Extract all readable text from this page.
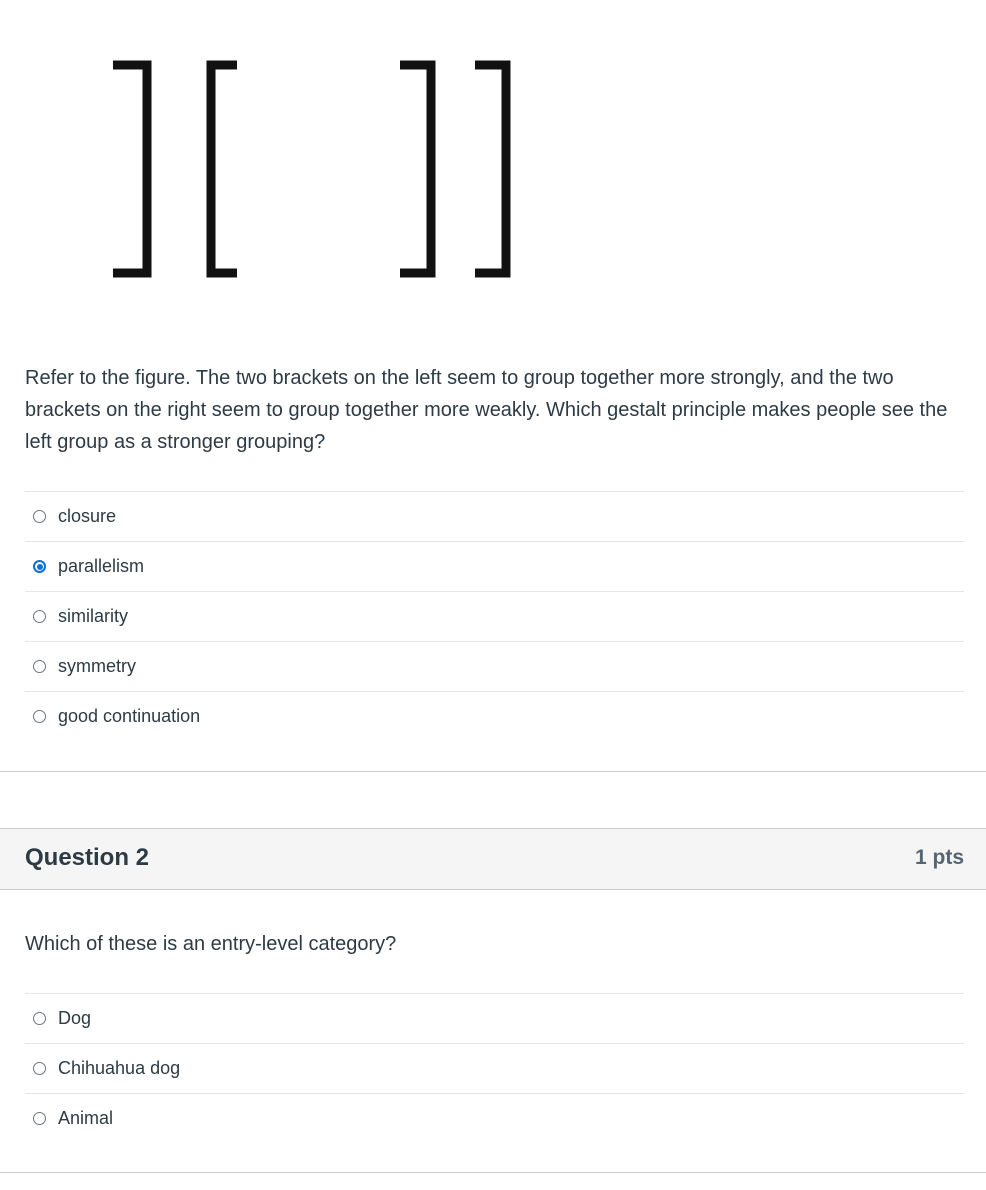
Refer to the figure. The two brackets on the left seem to group together more strongly, and the two brackets on the right seem to group together more weakly. Which gestalt principle makes people see the left group as a stronger grouping?

closure
parallelism
similarity
symmetry
good continuation
Question 2	1 pts

Which of these is an entry-level category?

Dog
Chihuahua dog
Animal
